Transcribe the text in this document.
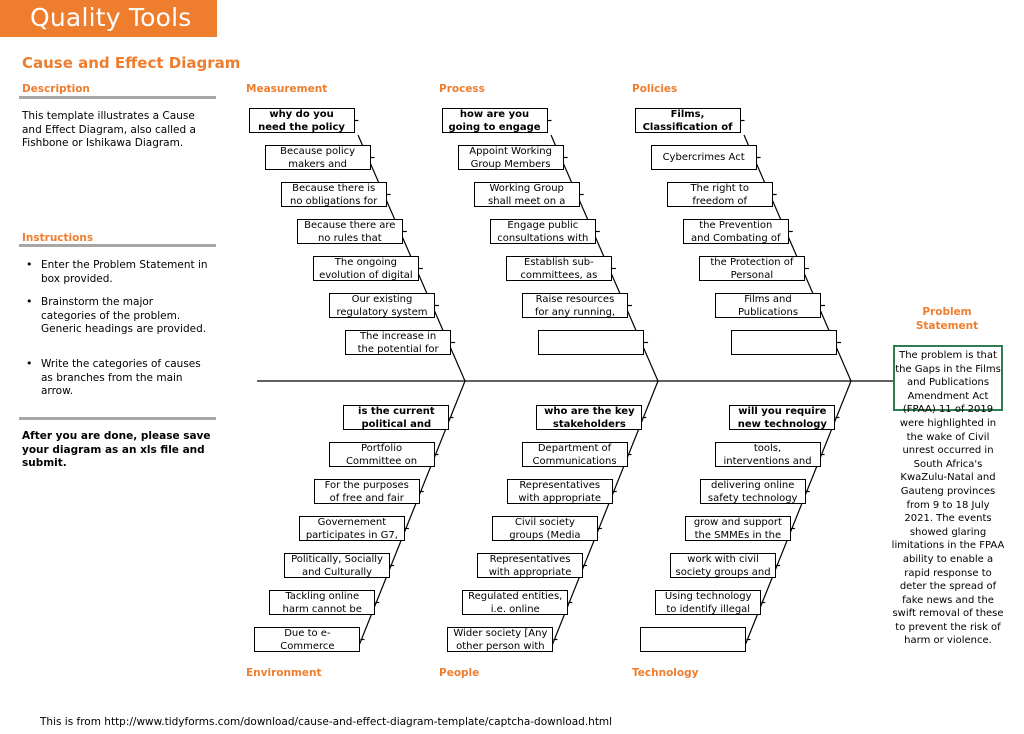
Quality Tools
Cause and Effect Diagram
Description
This template illustrates a Cause and Effect Diagram, also called a Fishbone or Ishikawa Diagram.
Instructions
• Enter the Problem Statement in box provided.
• Brainstorm the major categories of the problem. Generic headings are provided.
• Write the categories of causes as branches from the main arrow.
After you are done, please save your diagram as an xls file and submit.
Measurement	Process	Policies
Environment	People	Technology
why do you
need the policy
Because policy
makers and
Because there is
no obligations for
Because there are
no rules that
The ongoing
evolution of digital
Our existing
regulatory system
The increase in
the potential for
how are you
going to engage
Appoint Working
Group Members
Working Group
shall meet on a
Engage public
consultations with
Establish sub-
committees, as
Raise resources
for any running,
Films,
Classification of
Cybercrimes Act
The right to
freedom of
the Prevention
and Combating of
the Protection of
Personal
Films and
Publications
is the current
political and
Portfolio
Committee on
For the purposes
of free and fair
Governement
participates in G7,
Politically, Socially
and Culturally
Tackling online
harm cannot be
Due to e-
Commerce
who are the key
stakeholders
Department of
Communications
Representatives
with appropriate
Civil society
groups (Media
Representatives
with appropriate
Regulated entities,
i.e. online
Wider society [Any
other person with
will you require
new technology
tools,
interventions and
delivering online
safety technology
grow and support
the SMMEs in the
work with civil
society groups and
Using technology
to identify illegal
Problem
Statement
The problem is that the Gaps in the Films and Publications Amendment Act (FPAA) 11 of 2019 were highlighted in the wake of Civil unrest occurred in South Africa's KwaZulu-Natal and Gauteng provinces from 9 to 18 July 2021. The events showed glaring limitations in the FPAA ability to enable a rapid response to deter the spread of fake news and the swift removal of these to prevent the risk of harm or violence.
This is from http://www.tidyforms.com/download/cause-and-effect-diagram-template/captcha-download.html
